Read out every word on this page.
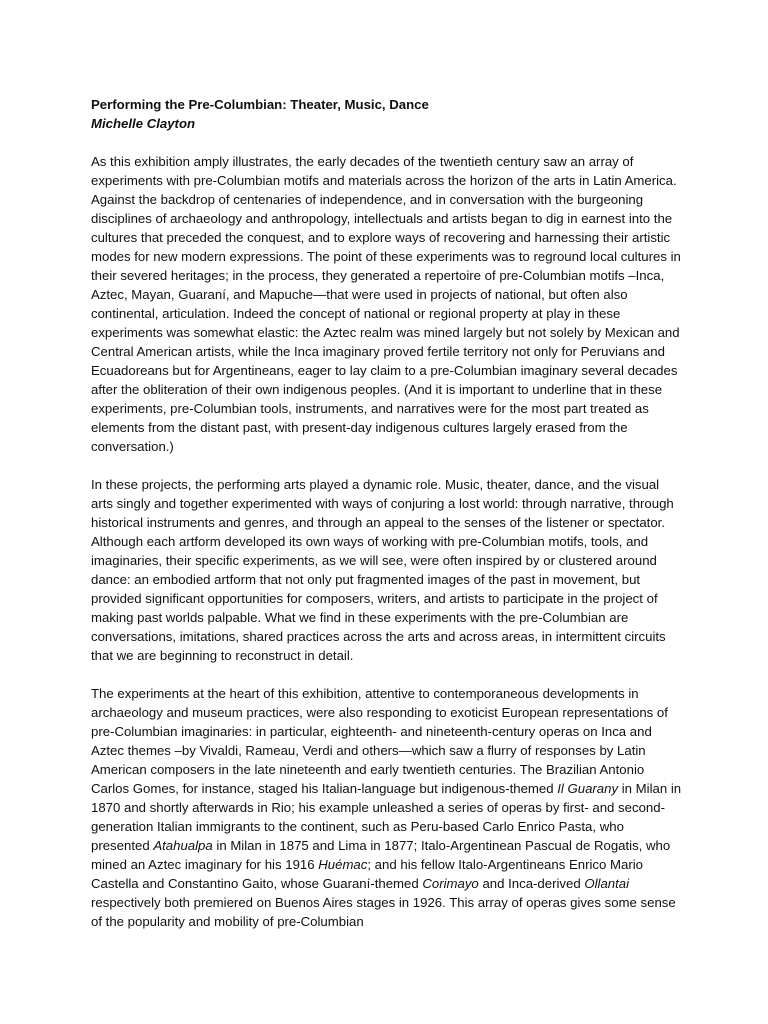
Performing the Pre-Columbian: Theater, Music, Dance

Michelle Clayton

As this exhibition amply illustrates, the early decades of the twentieth century saw an array of experiments with pre-Columbian motifs and materials across the horizon of the arts in Latin America. Against the backdrop of centenaries of independence, and in conversation with the burgeoning disciplines of archaeology and anthropology, intellectuals and artists began to dig in earnest into the cultures that preceded the conquest, and to explore ways of recovering and harnessing their artistic modes for new modern expressions. The point of these experiments was to reground local cultures in their severed heritages; in the process, they generated a repertoire of pre-Columbian motifs –Inca, Aztec, Mayan, Guaraní, and Mapuche—that were used in projects of national, but often also continental, articulation. Indeed the concept of national or regional property at play in these experiments was somewhat elastic: the Aztec realm was mined largely but not solely by Mexican and Central American artists, while the Inca imaginary proved fertile territory not only for Peruvians and Ecuadoreans but for Argentineans, eager to lay claim to a pre-Columbian imaginary several decades after the obliteration of their own indigenous peoples. (And it is important to underline that in these experiments, pre-Columbian tools, instruments, and narratives were for the most part treated as elements from the distant past, with present-day indigenous cultures largely erased from the conversation.)

In these projects, the performing arts played a dynamic role. Music, theater, dance, and the visual arts singly and together experimented with ways of conjuring a lost world: through narrative, through historical instruments and genres, and through an appeal to the senses of the listener or spectator. Although each artform developed its own ways of working with pre-Columbian motifs, tools, and imaginaries, their specific experiments, as we will see, were often inspired by or clustered around dance: an embodied artform that not only put fragmented images of the past in movement, but provided significant opportunities for composers, writers, and artists to participate in the project of making past worlds palpable. What we find in these experiments with the pre-Columbian are conversations, imitations, shared practices across the arts and across areas, in intermittent circuits that we are beginning to reconstruct in detail.

The experiments at the heart of this exhibition, attentive to contemporaneous developments in archaeology and museum practices, were also responding to exoticist European representations of pre-Columbian imaginaries: in particular, eighteenth- and nineteenth-century operas on Inca and Aztec themes –by Vivaldi, Rameau, Verdi and others—which saw a flurry of responses by Latin American composers in the late nineteenth and early twentieth centuries. The Brazilian Antonio Carlos Gomes, for instance, staged his Italian-language but indigenous-themed Il Guarany in Milan in 1870 and shortly afterwards in Rio; his example unleashed a series of operas by first- and second-generation Italian immigrants to the continent, such as Peru-based Carlo Enrico Pasta, who presented Atahualpa in Milan in 1875 and Lima in 1877; Italo-Argentinean Pascual de Rogatis, who mined an Aztec imaginary for his 1916 Huémac; and his fellow Italo-Argentineans Enrico Mario Castella and Constantino Gaito, whose Guaraní-themed Corimayo and Inca-derived Ollantai respectively both premiered on Buenos Aires stages in 1926. This array of operas gives some sense of the popularity and mobility of pre-Columbian
